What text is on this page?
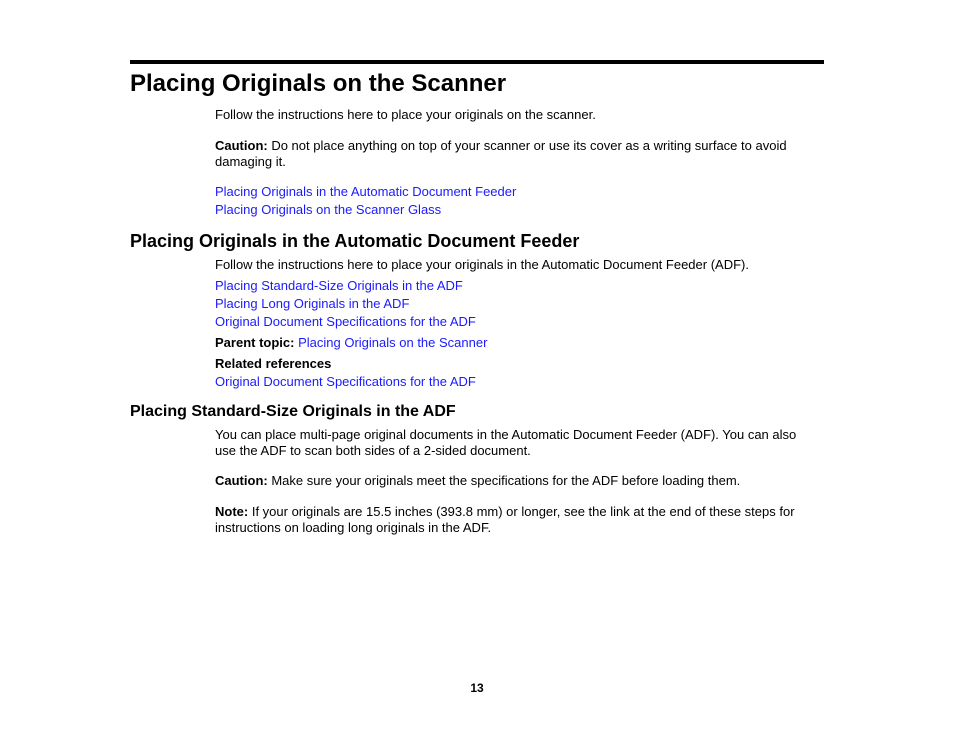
Placing Originals on the Scanner

Follow the instructions here to place your originals on the scanner.

Caution: Do not place anything on top of your scanner or use its cover as a writing surface to avoid damaging it.

Placing Originals in the Automatic Document Feeder

Placing Originals on the Scanner Glass

Placing Originals in the Automatic Document Feeder

Follow the instructions here to place your originals in the Automatic Document Feeder (ADF).

Placing Standard-Size Originals in the ADF

Placing Long Originals in the ADF

Original Document Specifications for the ADF

Parent topic: Placing Originals on the Scanner

Related references

Original Document Specifications for the ADF

Placing Standard-Size Originals in the ADF

You can place multi-page original documents in the Automatic Document Feeder (ADF). You can also use the ADF to scan both sides of a 2-sided document.

Caution: Make sure your originals meet the specifications for the ADF before loading them.

Note: If your originals are 15.5 inches (393.8 mm) or longer, see the link at the end of these steps for instructions on loading long originals in the ADF.

13
